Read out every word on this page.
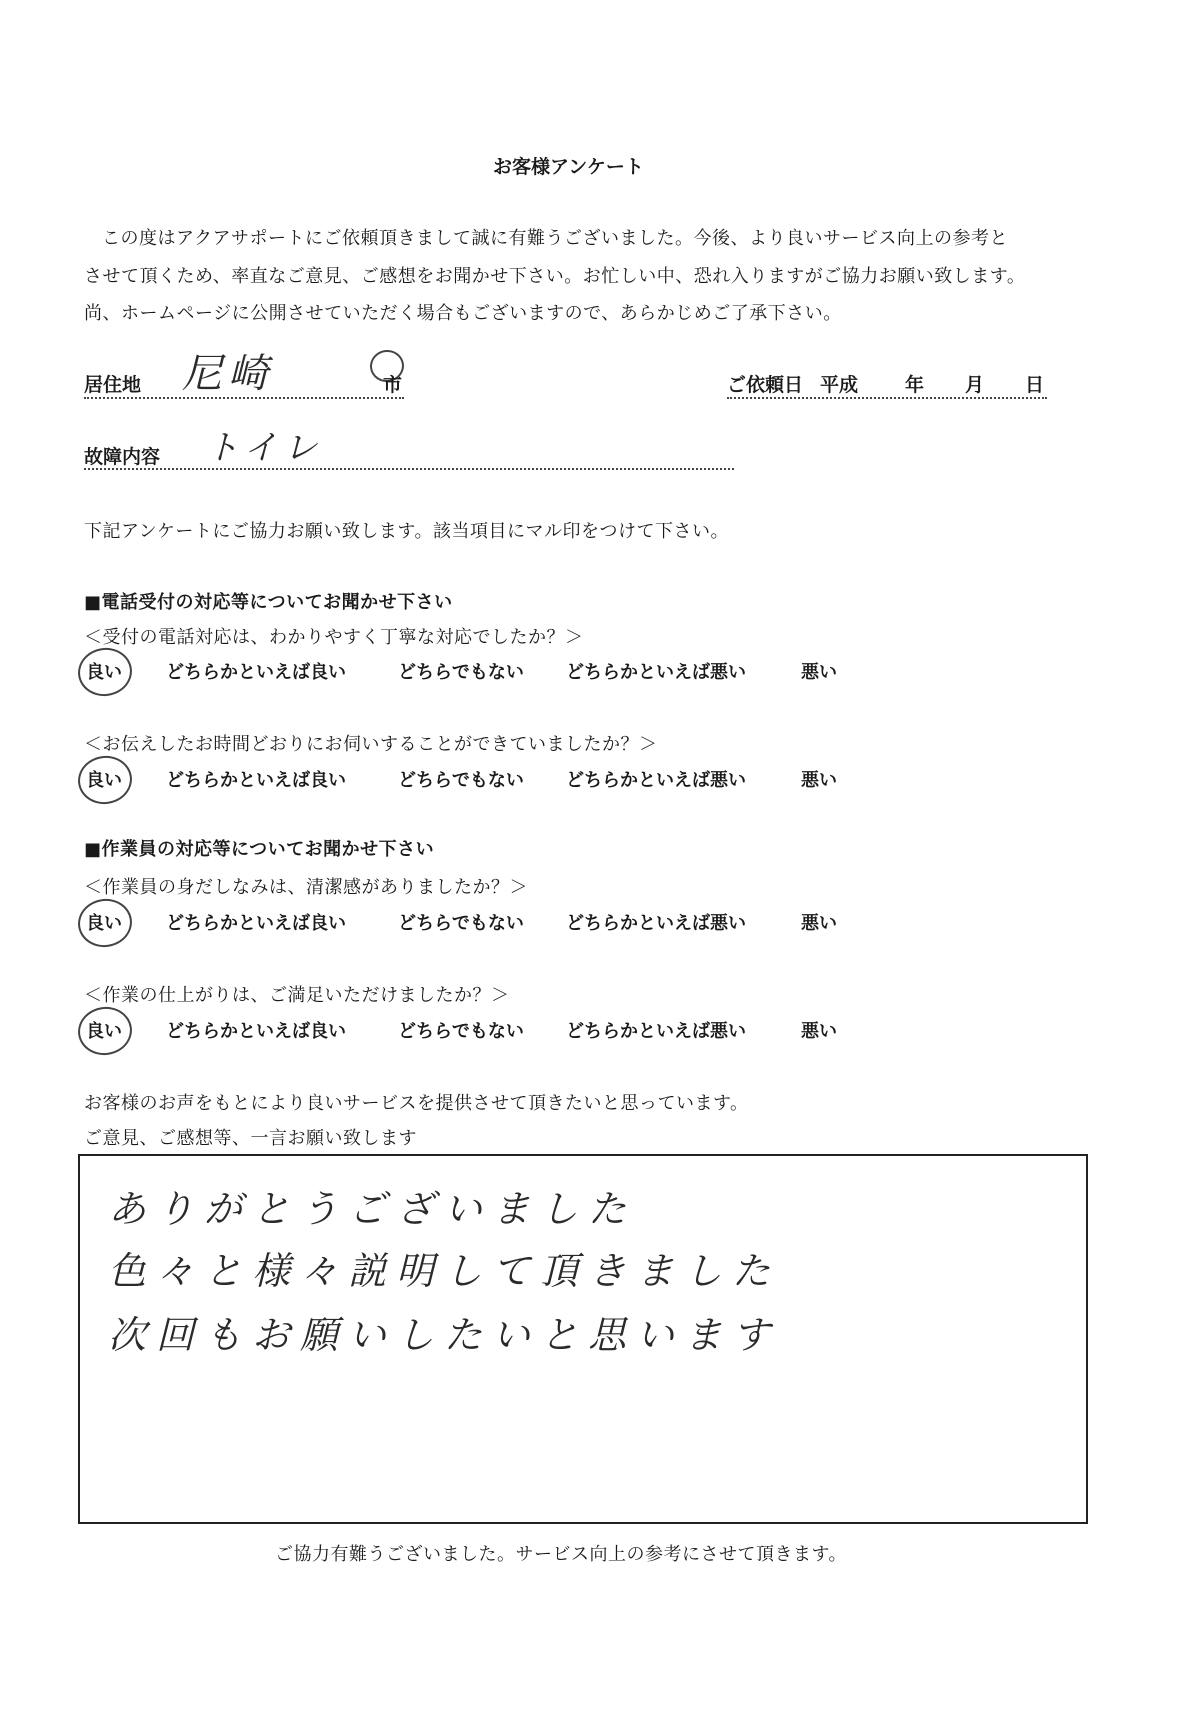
お客様アンケート
この度はアクアサポートにご依頼頂きまして誠に有難うございました。今後、より良いサービス向上の参考と
させて頂くため、率直なご意見、ご感想をお聞かせ下さい。お忙しい中、恐れ入りますがご協力お願い致します。
尚、ホームページに公開させていただく場合もございますので、あらかじめご了承下さい。
居住地 尼崎	市	ご依頼日 平成 年 月 日
故障内容 トイレ
下記アンケートにご協力お願い致します。該当項目にマル印をつけて下さい。
■電話受付の対応等についてお聞かせ下さい
＜受付の電話対応は、わかりやすく丁寧な対応でしたか？＞
良い どちらかといえば良い	どちらでもない どちらかといえば悪い	悪い
＜お伝えしたお時間どおりにお伺いすることができていましたか？＞
良い どちらかといえば良い	どちらでもない どちらかといえば悪い	悪い
■作業員の対応等についてお聞かせ下さい
＜作業員の身だしなみは、清潔感がありましたか？＞
良い どちらかといえば良い	どちらでもない どちらかといえば悪い	悪い
＜作業の仕上がりは、ご満足いただけましたか？＞
良い どちらかといえば良い	どちらでもない どちらかといえば悪い	悪い
お客様のお声をもとにより良いサービスを提供させて頂きたいと思っています。
ご意見、ご感想等、一言お願い致します
ありがとうございました
色々と様々説明して頂きました
次回もお願いしたいと思います
ご協力有難うございました。サービス向上の参考にさせて頂きます。
